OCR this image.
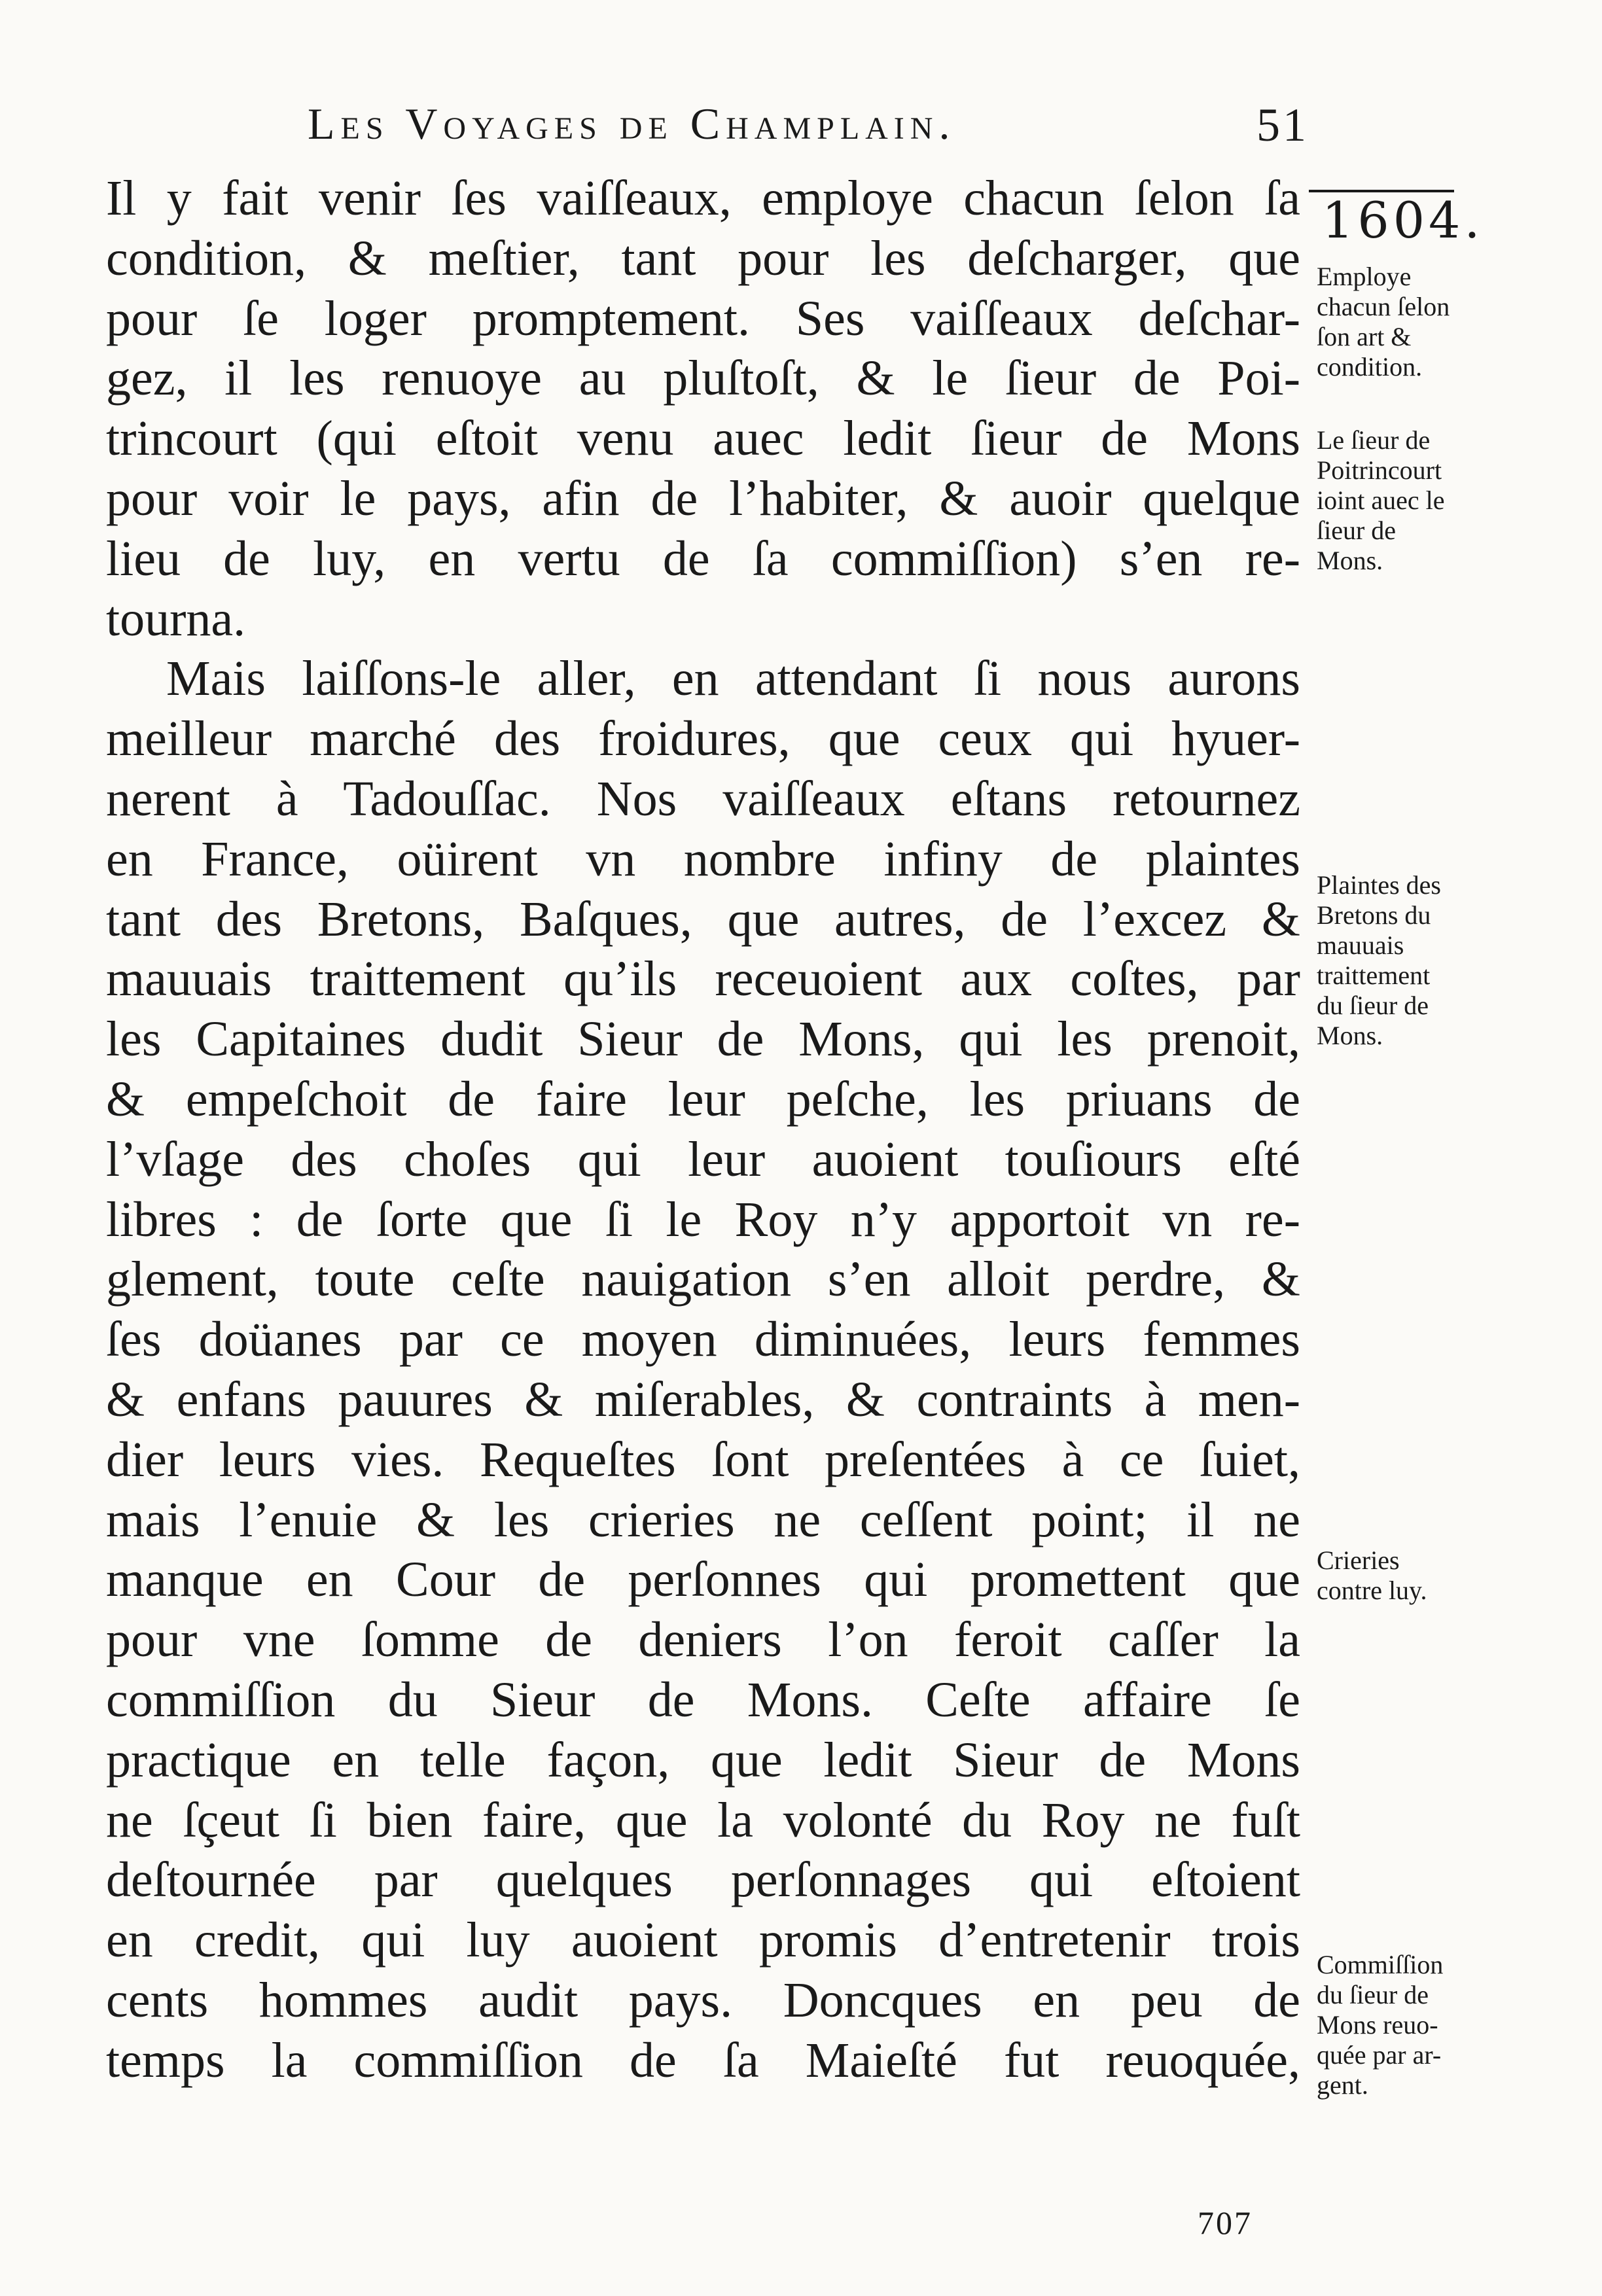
Les Voyages de Champlain.	51
1604.
Il y fait venir ſes vaiſſeaux, employe chacun ſelon ſa
condition, & meſtier, tant pour les deſcharger, que
pour ſe loger promptement. Ses vaiſſeaux deſchar-
gez, il les renuoye au pluſtoſt, & le ſieur de Poi-
trincourt (qui eſtoit venu auec ledit ſieur de Mons
pour voir le pays, afin de l’habiter, & auoir quelque
lieu de luy, en vertu de ſa commiſſion) s’en re-
tourna.
Mais laiſſons-le aller, en attendant ſi nous aurons
meilleur marché des froidures, que ceux qui hyuer-
nerent à Tadouſſac. Nos vaiſſeaux eſtans retournez
en France, oüirent vn nombre infiny de plaintes
tant des Bretons, Baſques, que autres, de l’excez &
mauuais traittement qu’ils receuoient aux coſtes, par
les Capitaines dudit Sieur de Mons, qui les prenoit,
& empeſchoit de faire leur peſche, les priuans de
l’vſage des choſes qui leur auoient touſiours eſté
libres : de ſorte que ſi le Roy n’y apportoit vn re-
glement, toute ceſte nauigation s’en alloit perdre, &
ſes doüanes par ce moyen diminuées, leurs femmes
& enfans pauures & miſerables, & contraints à men-
dier leurs vies. Requeſtes ſont preſentées à ce ſuiet,
mais l’enuie & les crieries ne ceſſent point; il ne
manque en Cour de perſonnes qui promettent que
pour vne ſomme de deniers l’on feroit caſſer la
commiſſion du Sieur de Mons. Ceſte affaire ſe
practique en telle façon, que ledit Sieur de Mons
ne ſçeut ſi bien faire, que la volonté du Roy ne fuſt
deſtournée par quelques perſonnages qui eſtoient
en credit, qui luy auoient promis d’entretenir trois
cents hommes audit pays. Doncques en peu de
temps la commiſſion de ſa Maieſté fut reuoquée,
Employe
chacun ſelon
ſon art &
condition.
Le ſieur de
Poitrincourt
ioint auec le
ſieur de
Mons.
Plaintes des
Bretons du
mauuais
traittement
du ſieur de
Mons.
Crieries
contre luy.
Commiſſion
du ſieur de
Mons reuo-
quée par ar-
gent.
707
